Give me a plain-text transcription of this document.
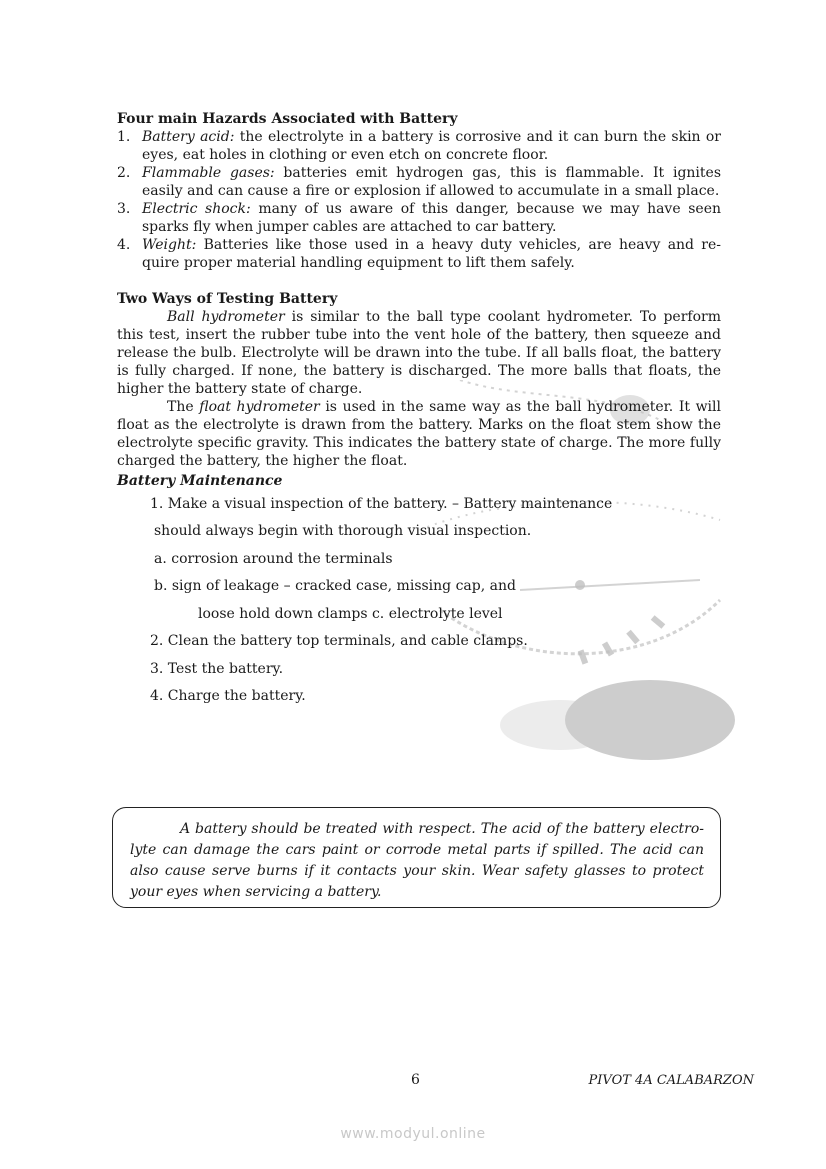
Four main Hazards Associated with Battery
1. Battery acid: the electrolyte in a battery is corrosive and it can burn the skin or eyes, eat holes in clothing or even etch on concrete floor.
2. Flammable gases: batteries emit hydrogen gas, this is flammable. It ignites easily and can cause a fire or explosion if allowed to accumulate in a small place.
3. Electric shock: many of us aware of this danger, because we may have seen sparks fly when jumper cables are attached to car battery.
4. Weight: Batteries like those used in a heavy duty vehicles, are heavy and re-quire proper material handling equipment to lift them safely.
Two Ways of Testing Battery

Ball hydrometer is similar to the ball type coolant hydrometer. To perform this test, insert the rubber tube into the vent hole of the battery, then squeeze and release the bulb. Electrolyte will be drawn into the tube. If all balls float, the battery is fully charged. If none, the battery is discharged. The more balls that floats, the higher the battery state of charge.

The float hydrometer is used in the same way as the ball hydrometer. It will float as the electrolyte is drawn from the battery. Marks on the float stem show the electrolyte specific gravity. This indicates the battery state of charge. The more fully charged the battery, the higher the float.

Battery Maintenance
1. Make a visual inspection of the battery. – Battery maintenance
should always begin with thorough visual inspection.
a. corrosion around the terminals
b. sign of leakage – cracked case, missing cap, and
loose hold down clamps c. electrolyte level
2. Clean the battery top terminals, and cable clamps.
3. Test the battery.
4. Charge the battery.

A battery should be treated with respect. The acid of the battery electro-lyte can damage the cars paint or corrode metal parts if spilled. The acid can also cause serve burns if it contacts your skin. Wear safety glasses to protect your eyes when servicing a battery.

6	PIVOT 4A CALABARZON
www.modyul.online
